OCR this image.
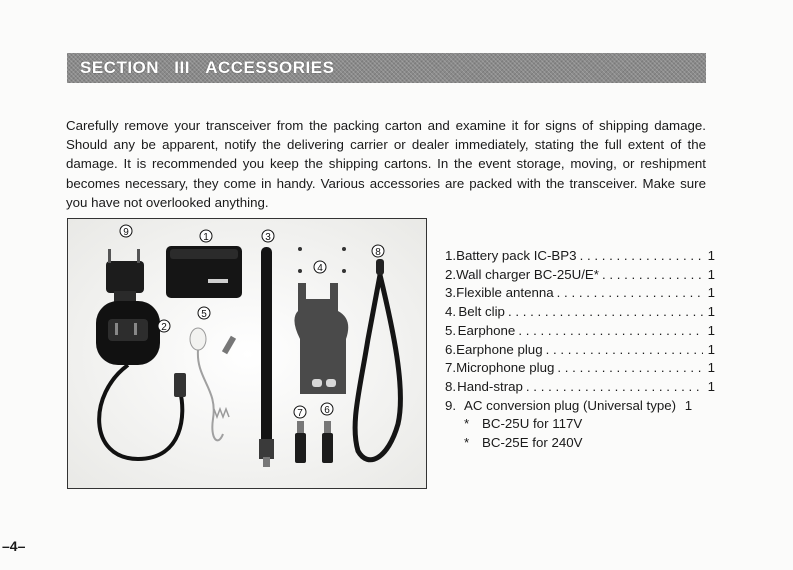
SECTION III ACCESSORIES

Carefully remove your transceiver from the packing carton and examine it for signs of shipping damage. Should any be apparent, notify the delivering carrier or dealer immediately, stating the full extent of the damage. It is recommended you keep the shipping cartons. In the event storage, moving, or reshipment becomes necessary, they come in handy. Various accessories are packed with the transceiver. Make sure you have not overlooked anything.

9	1	3
8
4
2
5
7 6
1. Battery pack IC-BP3 . . .	1
2. Wall charger BC-25U/E* . . .	1
3. Flexible antenna . . .	1
4. Belt clip . . .	1
5. Earphone . . .	1
6. Earphone plug . . .	1
7. Microphone plug . . .	1
8. Hand-strap . . .	1
9. AC conversion plug (Universal type) 1
* BC-25U for 117V
* BC-25E for 240V
–4–
